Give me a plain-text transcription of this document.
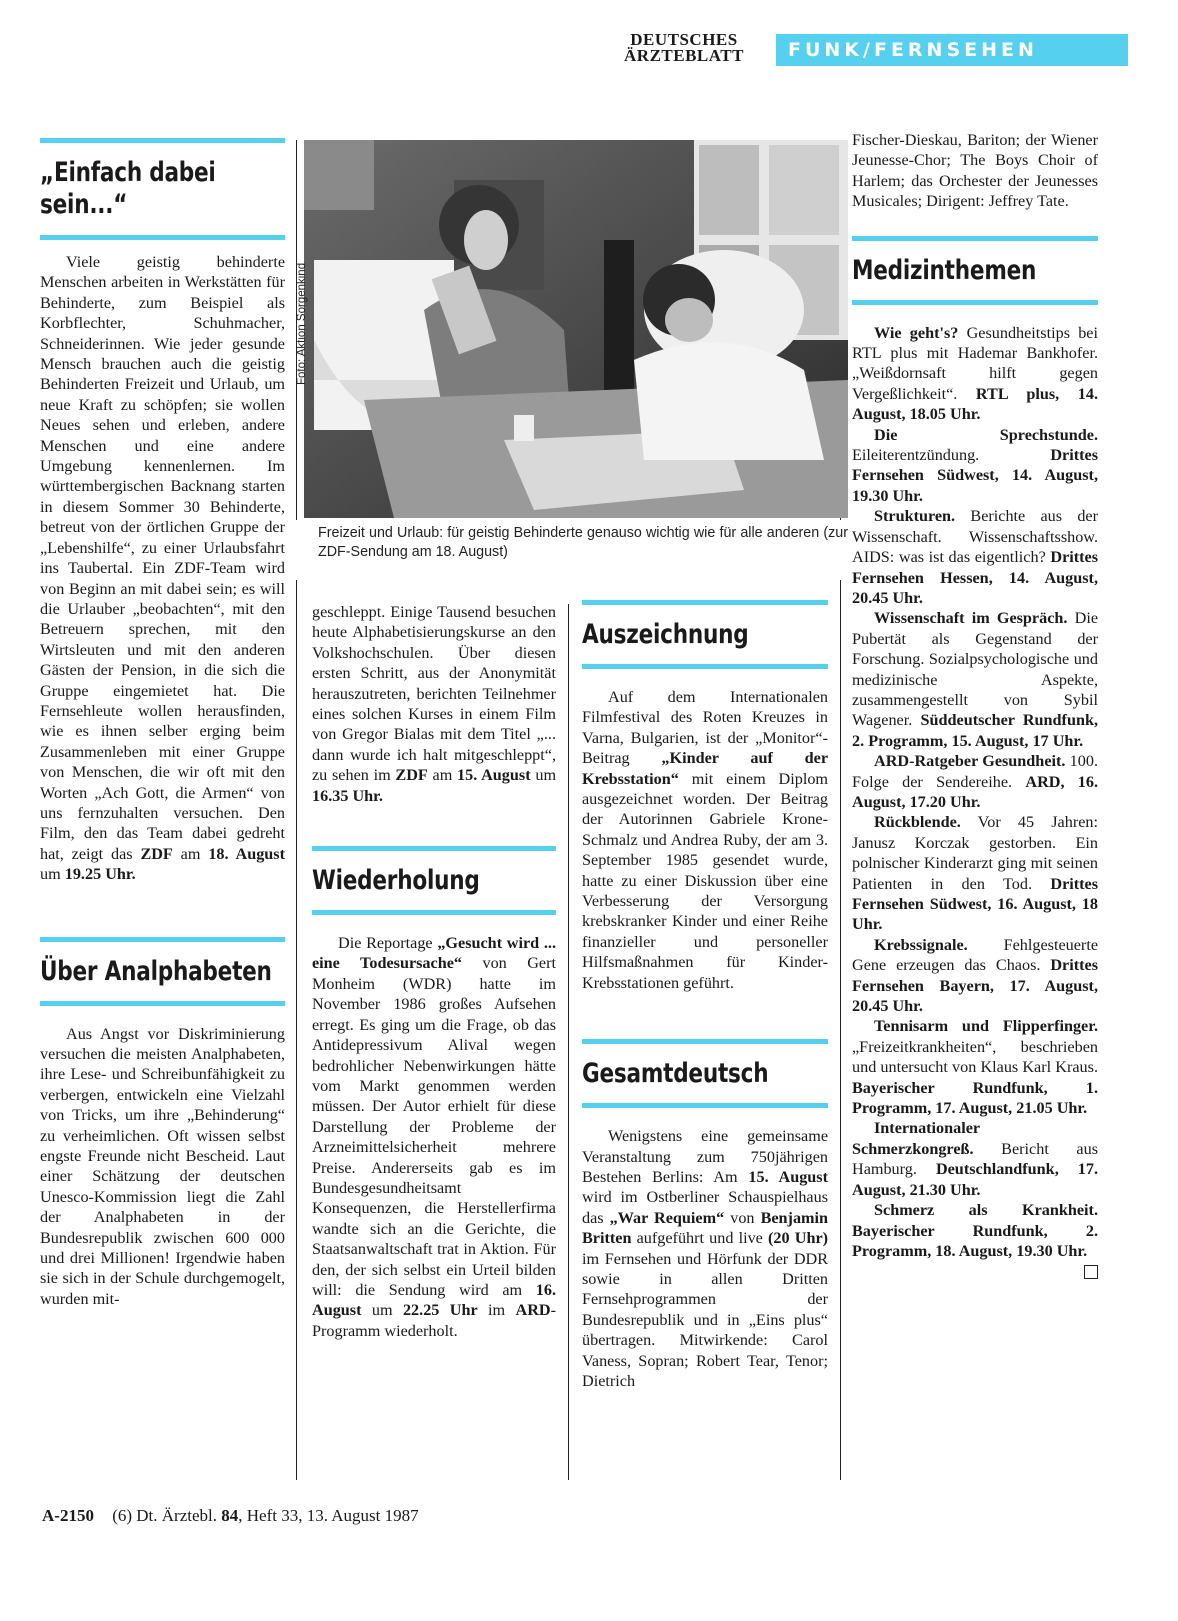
DEUTSCHES ÄRZTEBLATT	FUNK/FERNSEHEN
„Einfach dabei sein...“

Viele geistig behinderte Menschen arbeiten in Werkstätten für Behinderte, zum Beispiel als Korbflechter, Schuhmacher, Schneiderinnen. Wie jeder gesunde Mensch brauchen auch die geistig Behinderten Freizeit und Urlaub, um neue Kraft zu schöpfen; sie wollen Neues sehen und erleben, andere Menschen und eine andere Umgebung kennenlernen. Im württembergischen Backnang starten in diesem Sommer 30 Behinderte, betreut von der örtlichen Gruppe der „Lebenshilfe“, zu einer Urlaubsfahrt ins Taubertal. Ein ZDF-Team wird von Beginn an mit dabei sein; es will die Urlauber „beobachten“, mit den Betreuern sprechen, mit den Wirtsleuten und mit den anderen Gästen der Pension, in die sich die Gruppe eingemietet hat. Die Fernsehleute wollen herausfinden, wie es ihnen selber erging beim Zusammenleben mit einer Gruppe von Menschen, die wir oft mit den Worten „Ach Gott, die Armen“ von uns fernzuhalten versuchen. Den Film, den das Team dabei gedreht hat, zeigt das ZDF am 18. August um 19.25 Uhr.

Über Analphabeten

Aus Angst vor Diskriminierung versuchen die meisten Analphabeten, ihre Lese- und Schreibunfähigkeit zu verbergen, entwickeln eine Vielzahl von Tricks, um ihre „Behinderung“ zu verheimlichen. Oft wissen selbst engste Freunde nicht Bescheid. Laut einer Schätzung der deutschen Unesco-Kommission liegt die Zahl der Analphabeten in der Bundesrepublik zwischen 600 000 und drei Millionen! Irgendwie haben sie sich in der Schule durchgemogelt, wurden mit-

Foto: Aktion Sorgenkind
Freizeit und Urlaub: für geistig Behinderte genauso wichtig wie für alle anderen (zur ZDF-Sendung am 18. August)

geschleppt. Einige Tausend besuchen heute Alphabetisierungskurse an den Volkshochschulen. Über diesen ersten Schritt, aus der Anonymität herauszutreten, berichten Teilnehmer eines solchen Kurses in einem Film von Gregor Bialas mit dem Titel „... dann wurde ich halt mitgeschleppt“, zu sehen im ZDF am 15. August um 16.35 Uhr.

Wiederholung

Die Reportage „Gesucht wird ... eine Todesursache“ von Gert Monheim (WDR) hatte im November 1986 großes Aufsehen erregt. Es ging um die Frage, ob das Antidepressivum Alival wegen bedrohlicher Nebenwirkungen hätte vom Markt genommen werden müssen. Der Autor erhielt für diese Darstellung der Probleme der Arzneimittelsicherheit mehrere Preise. Andererseits gab es im Bundesgesundheitsamt Konsequenzen, die Herstellerfirma wandte sich an die Gerichte, die Staatsanwaltschaft trat in Aktion. Für den, der sich selbst ein Urteil bilden will: die Sendung wird am 16. August um 22.25 Uhr im ARD-Programm wiederholt.

Auszeichnung

Auf dem Internationalen Filmfestival des Roten Kreuzes in Varna, Bulgarien, ist der „Monitor“-Beitrag „Kinder auf der Krebsstation“ mit einem Diplom ausgezeichnet worden. Der Beitrag der Autorinnen Gabriele Krone-Schmalz und Andrea Ruby, der am 3. September 1985 gesendet wurde, hatte zu einer Diskussion über eine Verbesserung der Versorgung krebskranker Kinder und einer Reihe finanzieller und personeller Hilfsmaßnahmen für Kinder-Krebsstationen geführt.

Gesamtdeutsch

Wenigstens eine gemeinsame Veranstaltung zum 750jährigen Bestehen Berlins: Am 15. August wird im Ostberliner Schauspielhaus das „War Requiem“ von Benjamin Britten aufgeführt und live (20 Uhr) im Fernsehen und Hörfunk der DDR sowie in allen Dritten Fernsehprogrammen der Bundesrepublik und in „Eins plus“ übertragen. Mitwirkende: Carol Vaness, Sopran; Robert Tear, Tenor; Dietrich

Fischer-Dieskau, Bariton; der Wiener Jeunesse-Chor; The Boys Choir of Harlem; das Orchester der Jeunesses Musicales; Dirigent: Jeffrey Tate.

Medizinthemen

Wie geht's? Gesundheitstips bei RTL plus mit Hademar Bankhofer. „Weißdornsaft hilft gegen Vergeßlichkeit“. RTL plus, 14. August, 18.05 Uhr.

Die Sprechstunde. Eileiterentzündung.	Drittes Fernsehen Südwest, 14. August, 19.30 Uhr.

Strukturen. Berichte aus der Wissenschaft. Wissenschaftsshow. AIDS: was ist das eigentlich? Drittes Fernsehen Hessen, 14. August, 20.45 Uhr.

Wissenschaft im Gespräch. Die Pubertät als Gegenstand der Forschung. Sozialpsychologische und medizinische Aspekte, zusammengestellt von Sybil Wagener. Süddeutscher Rundfunk, 2. Programm, 15. August, 17 Uhr.

ARD-Ratgeber Gesundheit. 100. Folge der Sendereihe. ARD, 16. August, 17.20 Uhr.

Rückblende. Vor 45 Jahren: Janusz Korczak gestorben. Ein polnischer Kinderarzt ging mit seinen Patienten in den Tod. Drittes Fernsehen Südwest, 16. August, 18 Uhr.

Krebssignale. Fehlgesteuerte Gene erzeugen das Chaos. Drittes Fernsehen Bayern, 17. August, 20.45 Uhr.

Tennisarm und Flipperfinger. „Freizeitkrankheiten“, beschrieben und untersucht von Klaus Karl Kraus. Bayerischer Rundfunk, 1. Programm, 17. August, 21.05 Uhr.

Internationaler Schmerzkongreß. Bericht aus Hamburg. Deutschlandfunk, 17. August, 21.30 Uhr.

Schmerz als Krankheit. Bayerischer Rundfunk, 2. Programm, 18. August, 19.30 Uhr.

A-2150 (6) Dt. Ärztebl. 84, Heft 33, 13. August 1987
